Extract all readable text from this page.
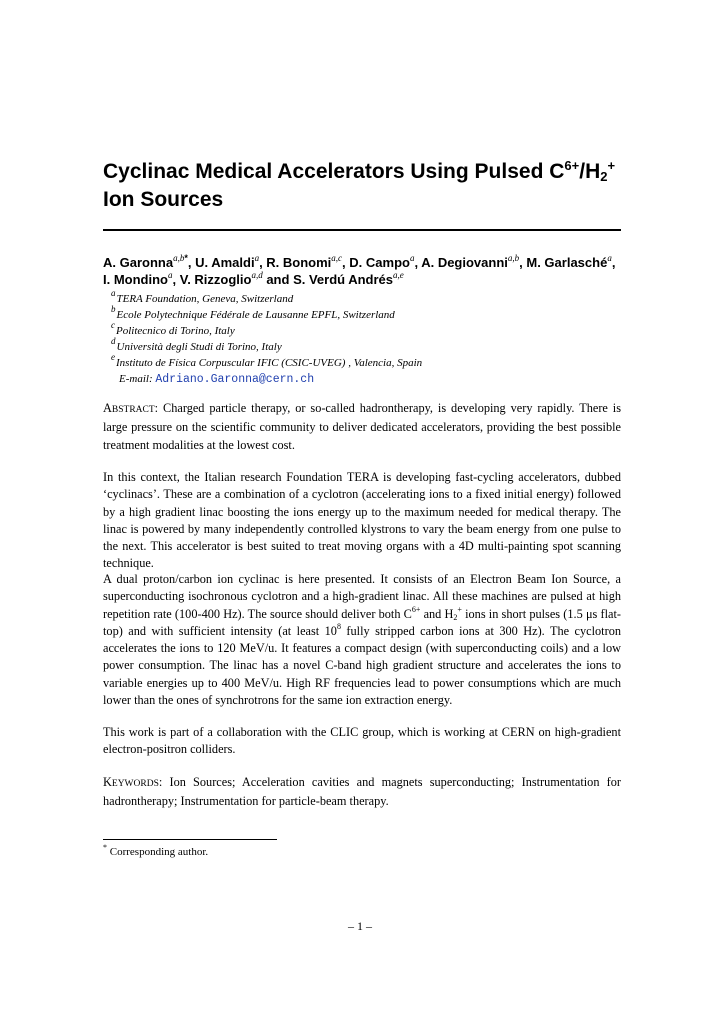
Cyclinac Medical Accelerators Using Pulsed $C^{6+}/H_2^+$
Ion Sources
A. Garonna$^{a,b*}$, U. Amaldi$^a$, R. Bonomi$^{a,c}$, D. Campo$^a$, A. Degiovanni$^{a,b}$, M. Garlasché$^a$, I. Mondino$^a$, V. Rizzoglio$^{a,d}$ and S. Verdú Andrés$^{a,e}$
$^a$TERA Foundation, Geneva, Switzerland
$^b$Ecole Polytechnique Fédérale de Lausanne EPFL, Switzerland
$^c$Politecnico di Torino, Italy
$^d$Università degli Studi di Torino, Italy
$^e$Instituto de Física Corpuscular IFIC (CSIC-UVEG) , Valencia, Spain
E-mail: Adriano.Garonna@cern.ch

ABSTRACT: Charged particle therapy, or so-called hadrontherapy, is developing very rapidly. There is large pressure on the scientific community to deliver dedicated accelerators, providing the best possible treatment modalities at the lowest cost.

In this context, the Italian research Foundation TERA is developing fast-cycling accelerators, dubbed ‘cyclinacs’. These are a combination of a cyclotron (accelerating ions to a fixed initial energy) followed by a high gradient linac boosting the ions energy up to the maximum needed for medical therapy. The linac is powered by many independently controlled klystrons to vary the beam energy from one pulse to the next. This accelerator is best suited to treat moving organs with a 4D multi-painting spot scanning technique.

A dual proton/carbon ion cyclinac is here presented. It consists of an Electron Beam Ion Source, a superconducting isochronous cyclotron and a high-gradient linac. All these machines are pulsed at high repetition rate (100-400 Hz). The source should deliver both $C^{6+}$ and $H_2^+$ ions in short pulses (1.5 μs flat-top) and with sufficient intensity (at least $10^8$ fully stripped carbon ions at 300 Hz). The cyclotron accelerates the ions to 120 MeV/u. It features a compact design (with superconducting coils) and a low power consumption. The linac has a novel C-band high gradient structure and accelerates the ions to variable energies up to 400 MeV/u. High RF frequencies lead to power consumptions which are much lower than the ones of synchrotrons for the same ion extraction energy.

This work is part of a collaboration with the CLIC group, which is working at CERN on high-gradient electron-positron colliders.

KEYWORDS: Ion Sources; Acceleration cavities and magnets superconducting; Instrumentation for hadrontherapy; Instrumentation for particle-beam therapy.

* Corresponding author.

– 1 –
